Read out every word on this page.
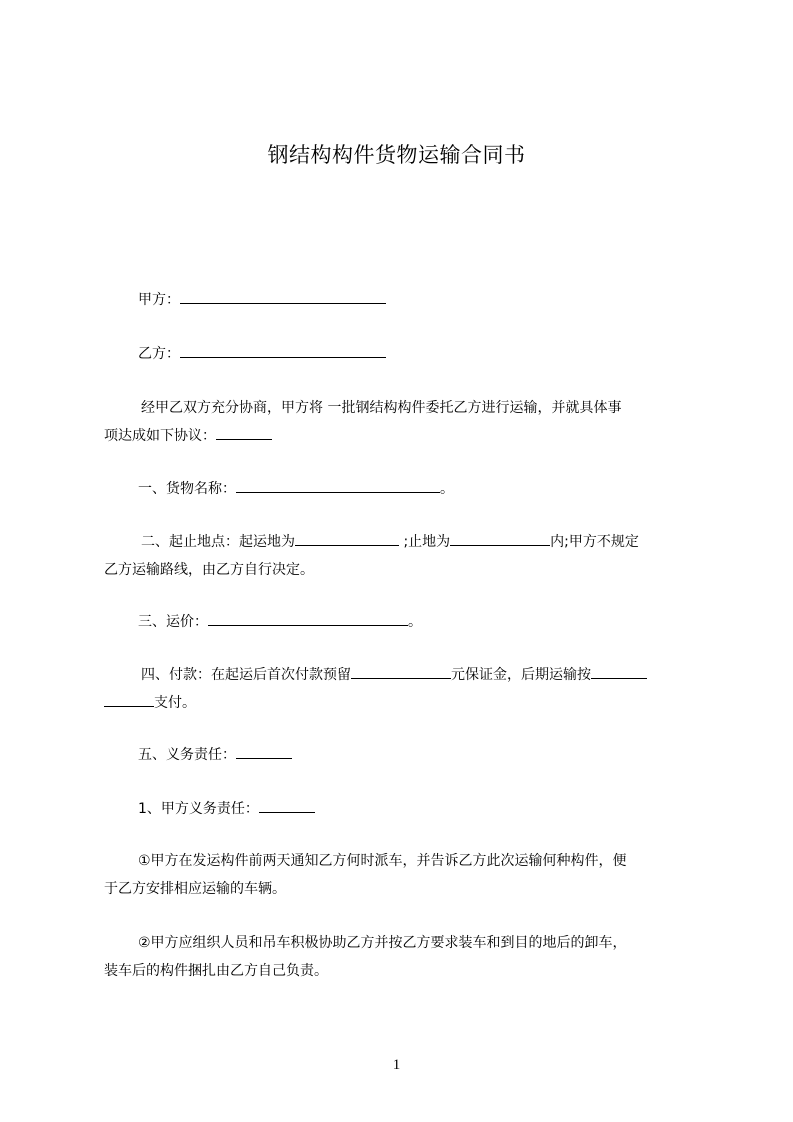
钢结构构件货物运输合同书
甲方：
乙方：
经甲乙双方充分协商，甲方将 一批钢结构构件委托乙方进行运输，并就具体事
项达成如下协议：
一、货物名称：	。
二、起止地点：起运地为	;止地为	内;甲方不规定
乙方运输路线，由乙方自行决定。
三、运价：	。
四、付款：在起运后首次付款预留	元保证金，后期运输按
支付。
五、义务责任：
1、甲方义务责任：
①甲方在发运构件前两天通知乙方何时派车，并告诉乙方此次运输何种构件，便
于乙方安排相应运输的车辆。
②甲方应组织人员和吊车积极协助乙方并按乙方要求装车和到目的地后的卸车，
装车后的构件捆扎由乙方自己负责。
1
